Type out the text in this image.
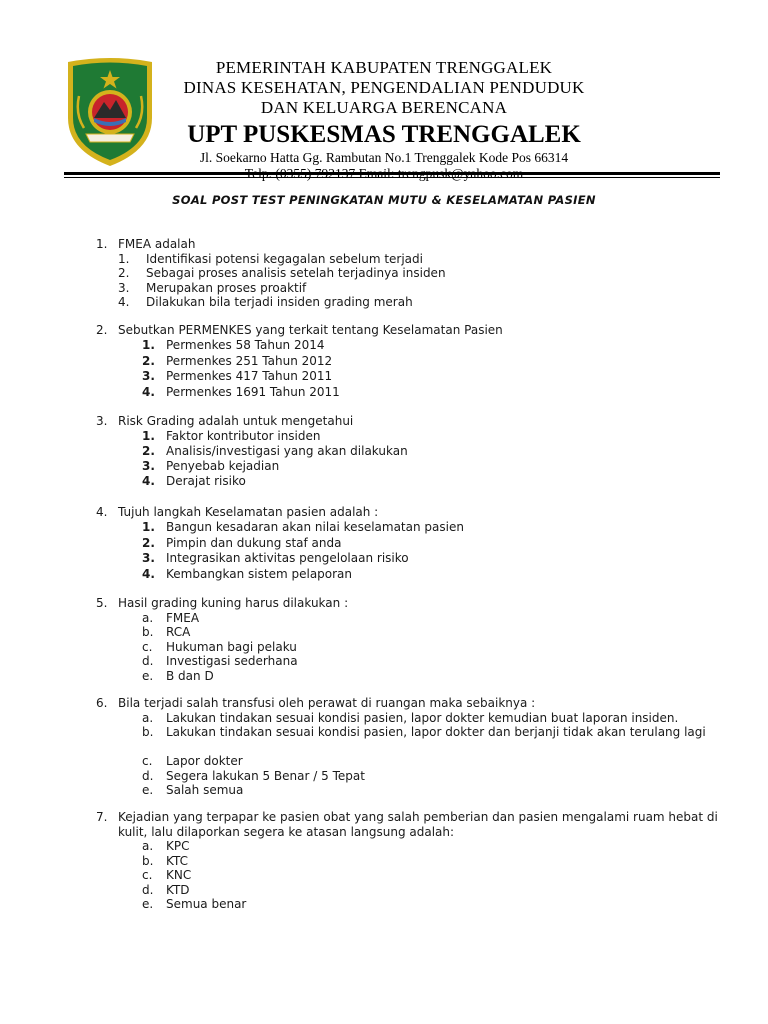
PEMERINTAH KABUPATEN TRENGGALEK
DINAS KESEHATAN, PENGENDALIAN PENDUDUK
DAN KELUARGA BERENCANA
UPT PUSKESMAS TRENGGALEK
Jl. Soekarno Hatta Gg. Rambutan No.1 Trenggalek Kode Pos 66314
SOAL POST TEST PENINGKATAN MUTU & KESELAMATAN PASIEN
1. FMEA adalah
1.	Identifikasi potensi kegagalan sebelum terjadi
2.	Sebagai proses analisis setelah terjadinya insiden
3.	Merupakan proses proaktif
4.	Dilakukan bila terjadi insiden grading merah
2. Sebutkan PERMENKES yang terkait tentang Keselamatan Pasien
1. Permenkes 58 Tahun 2014
2. Permenkes 251 Tahun 2012
3. Permenkes 417 Tahun 2011
4. Permenkes 1691 Tahun 2011
3. Risk Grading adalah untuk mengetahui
1. Faktor kontributor insiden
2. Analisis/investigasi yang akan dilakukan
3. Penyebab kejadian
4. Derajat risiko
4. Tujuh langkah Keselamatan pasien adalah :
1. Bangun kesadaran akan nilai keselamatan pasien
2. Pimpin dan dukung staf anda
3. Integrasikan aktivitas pengelolaan risiko
4. Kembangkan sistem pelaporan
5. Hasil grading kuning harus dilakukan :
a.	FMEA
b.	RCA
c.	Hukuman bagi pelaku
d.	Investigasi sederhana
e.	B dan D
6. Bila terjadi salah transfusi oleh perawat di ruangan maka sebaiknya :
a.	Lakukan tindakan sesuai kondisi pasien, lapor dokter kemudian buat laporan insiden.
b.	Lakukan tindakan sesuai kondisi pasien, lapor dokter dan berjanji tidak akan terulang lagi
c.	Lapor dokter
d.	Segera lakukan 5 Benar / 5 Tepat
e.	Salah semua
7. Kejadian yang terpapar ke pasien obat yang salah pemberian dan pasien mengalami ruam hebat di kulit, lalu dilaporkan segera ke atasan langsung adalah:
a.	KPC
b.	KTC
c.	KNC
d.	KTD
e.	Semua benar
